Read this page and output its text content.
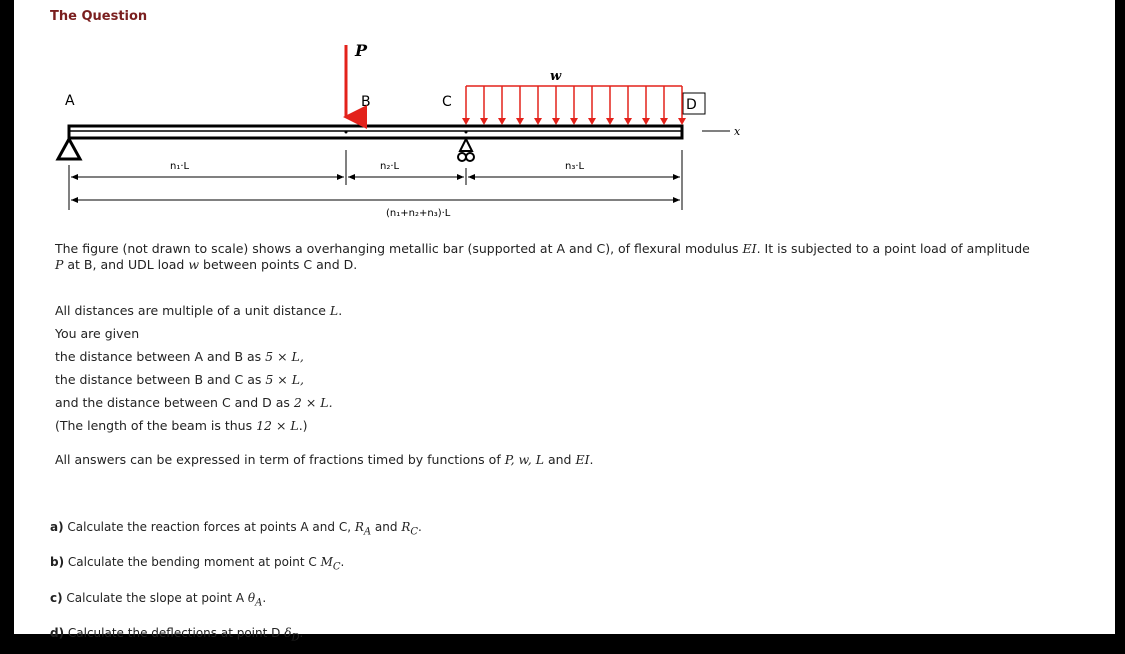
The Question
x
A	B	C	D
P
w
n₁·L	n₂·L	n₃·L
(n₁+n₂+n₃)·L
The figure (not drawn to scale) shows a overhanging metallic bar (supported at A and C), of flexural modulus EI. It is subjected to a point load of amplitude
P at B, and UDL load w between points C and D.
All distances are multiple of a unit distance L.
You are given
the distance between A and B as 5 × L,
the distance between B and C as 5 × L,
and the distance between C and D as 2 × L.
(The length of the beam is thus 12 × L.)
All answers can be expressed in term of fractions timed by functions of P, w, L and EI.
a) Calculate the reaction forces at points A and C, $R_A$ and $R_C$.
b) Calculate the bending moment at point C $M_C$.
c) Calculate the slope at point A $\theta_A$.
d) Calculate the deflections at point D $\delta_D$.
